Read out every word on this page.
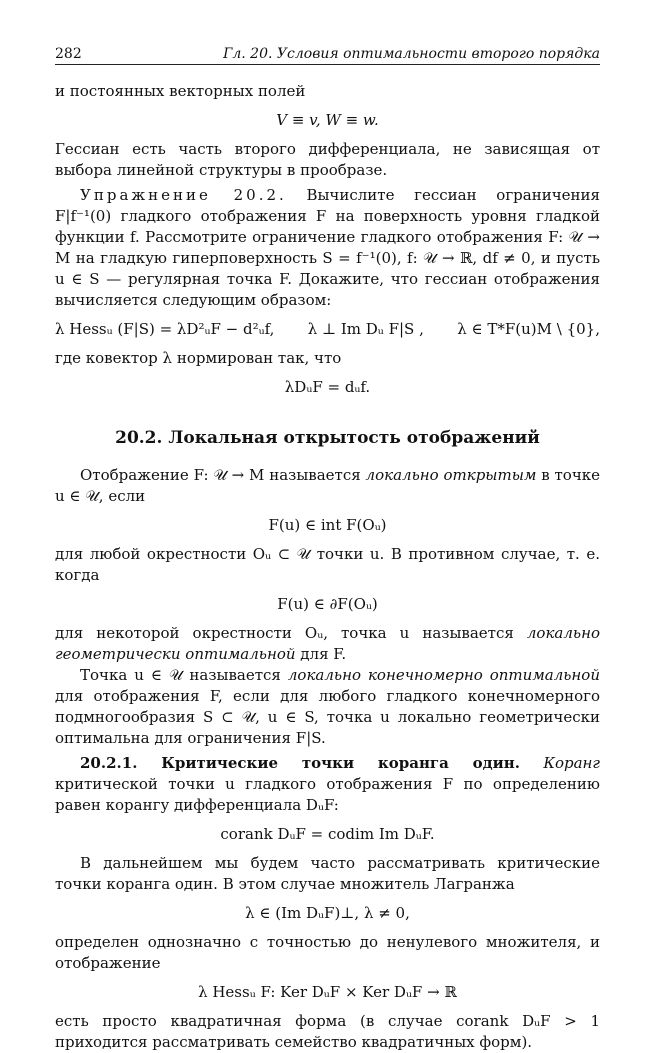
282	Гл. 20. Условия оптимальности второго порядка

и постоянных векторных полей

V ≡ v, W ≡ w.

Гессиан есть часть второго дифференциала, не зависящая от выбора линейной структуры в прообразе.

Упражнение 20.2. Вычислите гессиан ограничения F|f⁻¹(0) гладкого отображения F на поверхность уровня гладкой функции f. Рассмотрите ограничение гладкого отображения F: 𝒰 → M на гладкую гиперповерхность S = f⁻¹(0), f: 𝒰 → ℝ, df ≠ 0, и пусть u ∈ S — регулярная точка F. Докажите, что гессиан отображения вычисляется следующим образом:

λ Hessᵤ (F|S) = λD²ᵤF − d²ᵤf, λ ⊥ Im Dᵤ F|S , λ ∈ T*F(u)M \ {0},

где ковектор λ нормирован так, что

λDᵤF = dᵤf.
20.2. Локальная открытость отображений

Отображение F: 𝒰 → M называется локально открытым в точке u ∈ 𝒰, если

F(u) ∈ int F(Oᵤ)

для любой окрестности Oᵤ ⊂ 𝒰 точки u. В противном случае, т. е. когда

F(u) ∈ ∂F(Oᵤ)

для некоторой окрестности Oᵤ, точка u называется локально геометрически оптимальной для F.

Точка u ∈ 𝒰 называется локально конечномерно оптимальной для отображения F, если для любого гладкого конечномерного подмногообразия S ⊂ 𝒰, u ∈ S, точка u локально геометрически оптимальна для ограничения F|S.

20.2.1. Критические точки коранга один. Коранг критической точки u гладкого отображения F по определению равен корангу дифференциала DᵤF:

corank DᵤF = codim Im DᵤF.

В дальнейшем мы будем часто рассматривать критические точки коранга один. В этом случае множитель Лагранжа

λ ∈ (Im DᵤF)⊥, λ ≠ 0,

определен однозначно с точностью до ненулевого множителя, и отображение

λ Hessᵤ F: Ker DᵤF × Ker DᵤF → ℝ

есть просто квадратичная форма (в случае corank DᵤF > 1 приходится рассматривать семейство квадратичных форм).
